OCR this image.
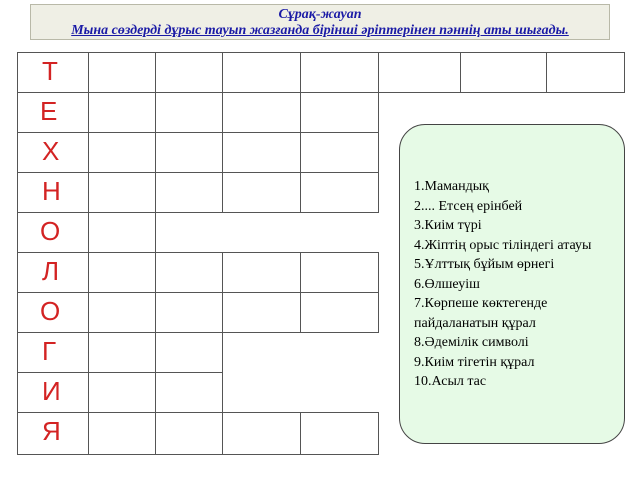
Сұрақ-жауап
Мына сөздерді дұрыс тауып жазғанда бірінші әріптерінен пәннің аты шығады.
Т
Е
Х
Н
О
Л
О
Г
И
Я
1.Мамандық
2.... Етсең ерінбей
3.Киім түрі
4.Жіптің орыс тіліндегі атауы
5.Ұлттық бұйым өрнегі
6.Өлшеуіш
7.Көрпеше көктегенде
пайдаланатын құрал
8.Әдемілік символі
9.Киім тігетін құрал
10.Асыл тас
